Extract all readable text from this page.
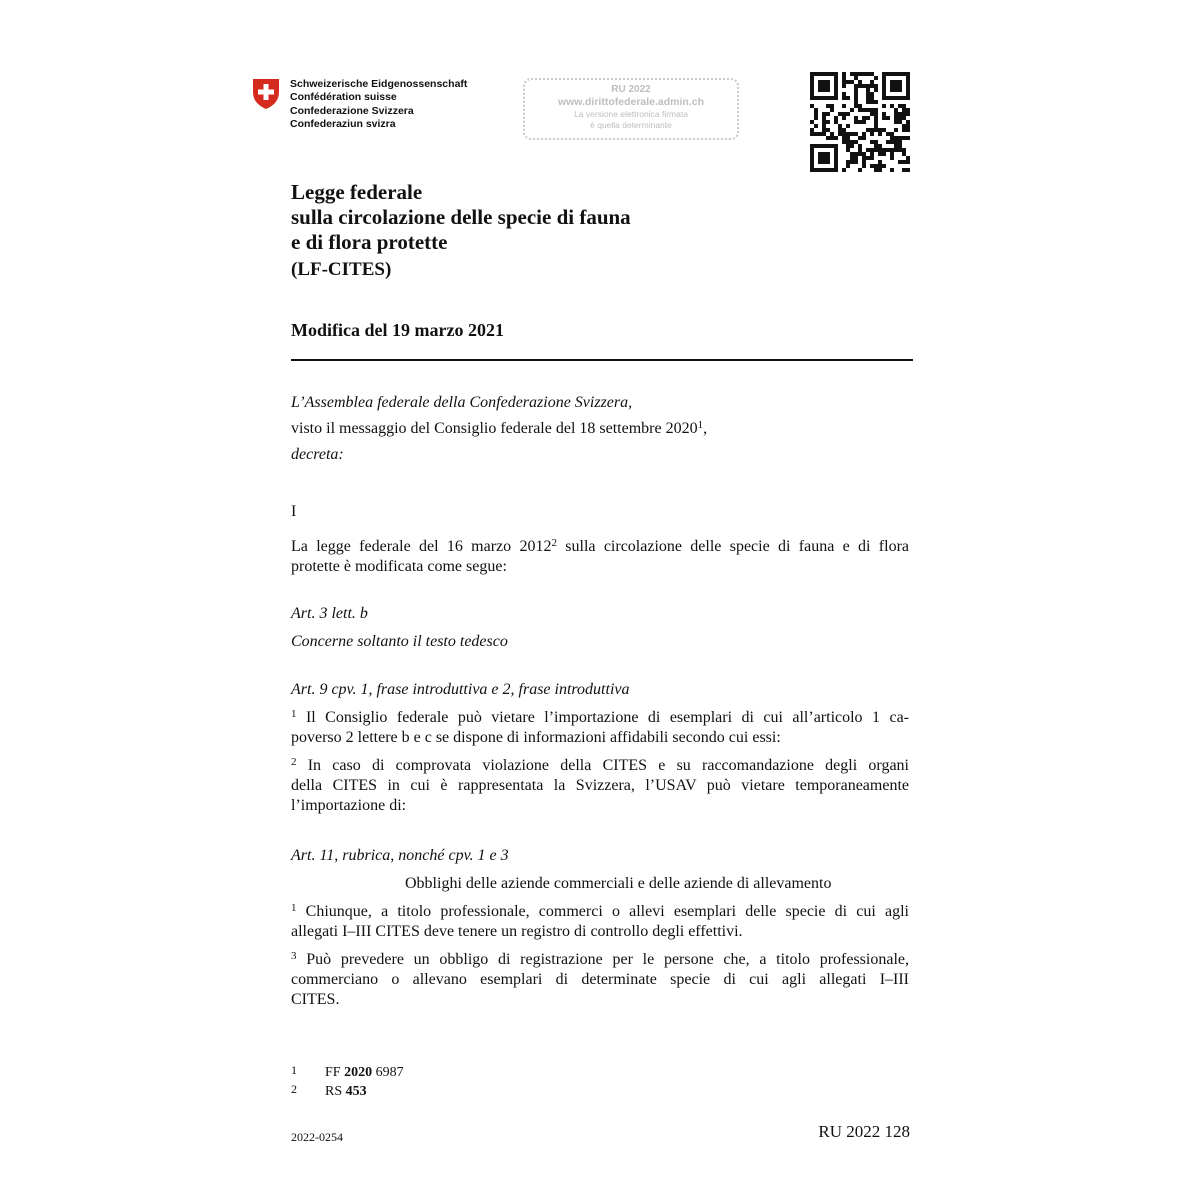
Schweizerische Eidgenossenschaft
Confédération suisse
Confederazione Svizzera
Confederaziun svizra
RU 2022
www.dirittofederale.admin.ch
La versione elettronica firmata
è quella determinante
Legge federale
sulla circolazione delle specie di fauna
e di flora protette
(LF-CITES)
Modifica del 19 marzo 2021
L’Assemblea federale della Confederazione Svizzera,
visto il messaggio del Consiglio federale del 18 settembre 2020$^1$,
decreta:
I
La legge federale del 16 marzo 2012$^2$ sulla circolazione delle specie di fauna e di flora
protette è modificata come segue:
Art. 3 lett. b
Concerne soltanto il testo tedesco
Art. 9 cpv. 1, frase introduttiva e 2, frase introduttiva
$^1$ Il Consiglio federale può vietare l’importazione di esemplari di cui all’articolo 1 ca-
poverso 2 lettere b e c se dispone di informazioni affidabili secondo cui essi:
$^2$ In caso di comprovata violazione della CITES e su raccomandazione degli organi
della CITES in cui è rappresentata la Svizzera, l’USAV può vietare temporaneamente
l’importazione di:
Art. 11, rubrica, nonché cpv. 1 e 3
Obblighi delle aziende commerciali e delle aziende di allevamento
$^1$ Chiunque, a titolo professionale, commerci o allevi esemplari delle specie di cui agli
allegati I–III CITES deve tenere un registro di controllo degli effettivi.
$^3$ Può prevedere un obbligo di registrazione per le persone che, a titolo professionale,
commerciano o allevano esemplari di determinate specie di cui agli allegati I–III
CITES.
1 FF 2020 6987
2 RS 453
2022-0254	RU 2022 128
